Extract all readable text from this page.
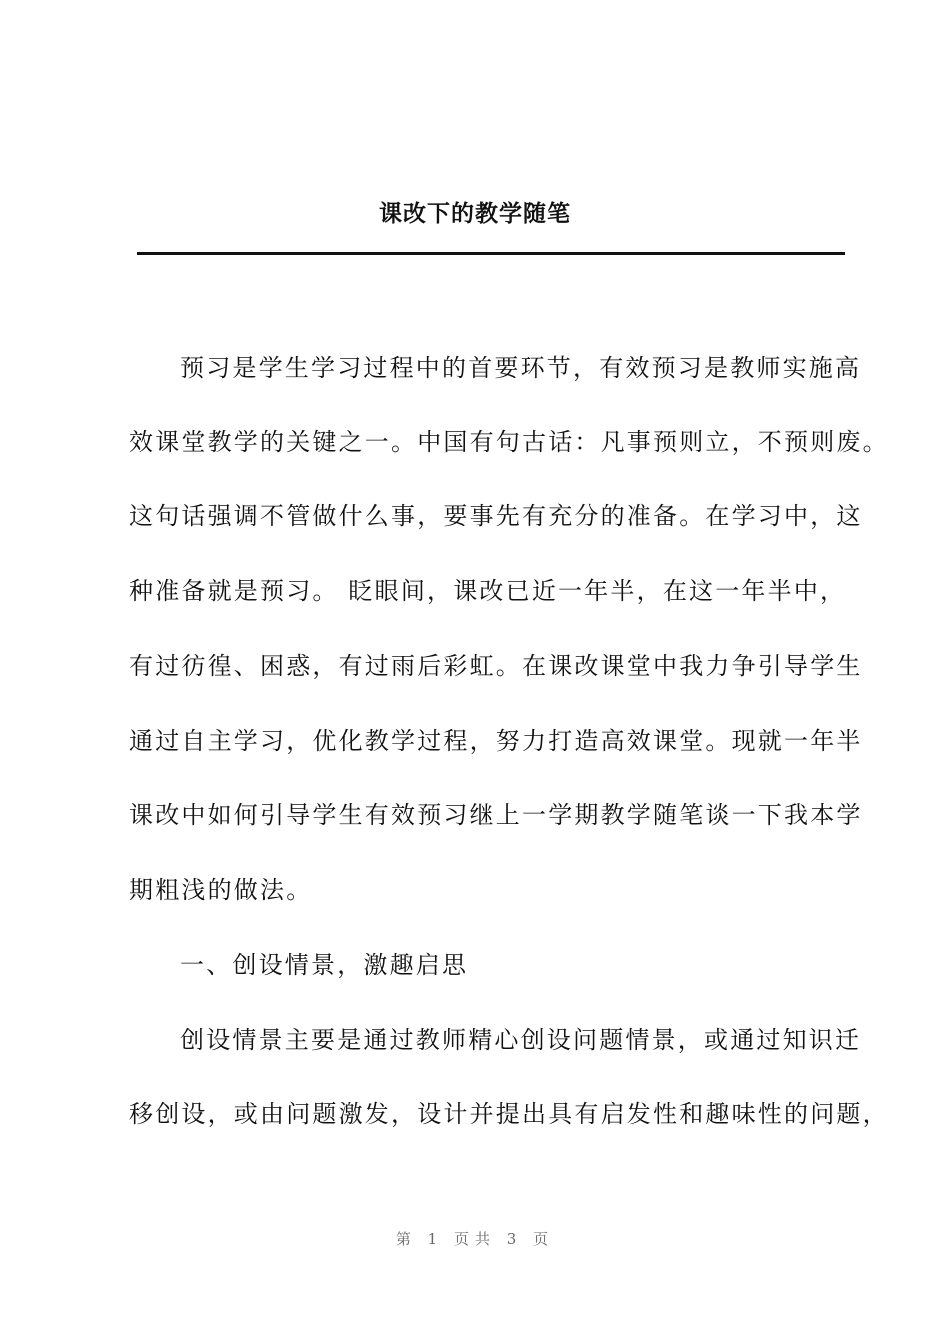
课改下的教学随笔
预习是学生学习过程中的首要环节，有效预习是教师实施高
效课堂教学的关键之一。中国有句古话：凡事预则立，不预则废。
这句话强调不管做什么事，要事先有充分的准备。在学习中，这
种准备就是预习。 眨眼间，课改已近一年半，在这一年半中，
有过彷徨、困惑，有过雨后彩虹。在课改课堂中我力争引导学生
通过自主学习，优化教学过程，努力打造高效课堂。现就一年半
课改中如何引导学生有效预习继上一学期教学随笔谈一下我本学
期粗浅的做法。
一、创设情景，激趣启思
创设情景主要是通过教师精心创设问题情景，或通过知识迁
移创设，或由问题激发，设计并提出具有启发性和趣味性的问题，
第 1 页共 3 页
